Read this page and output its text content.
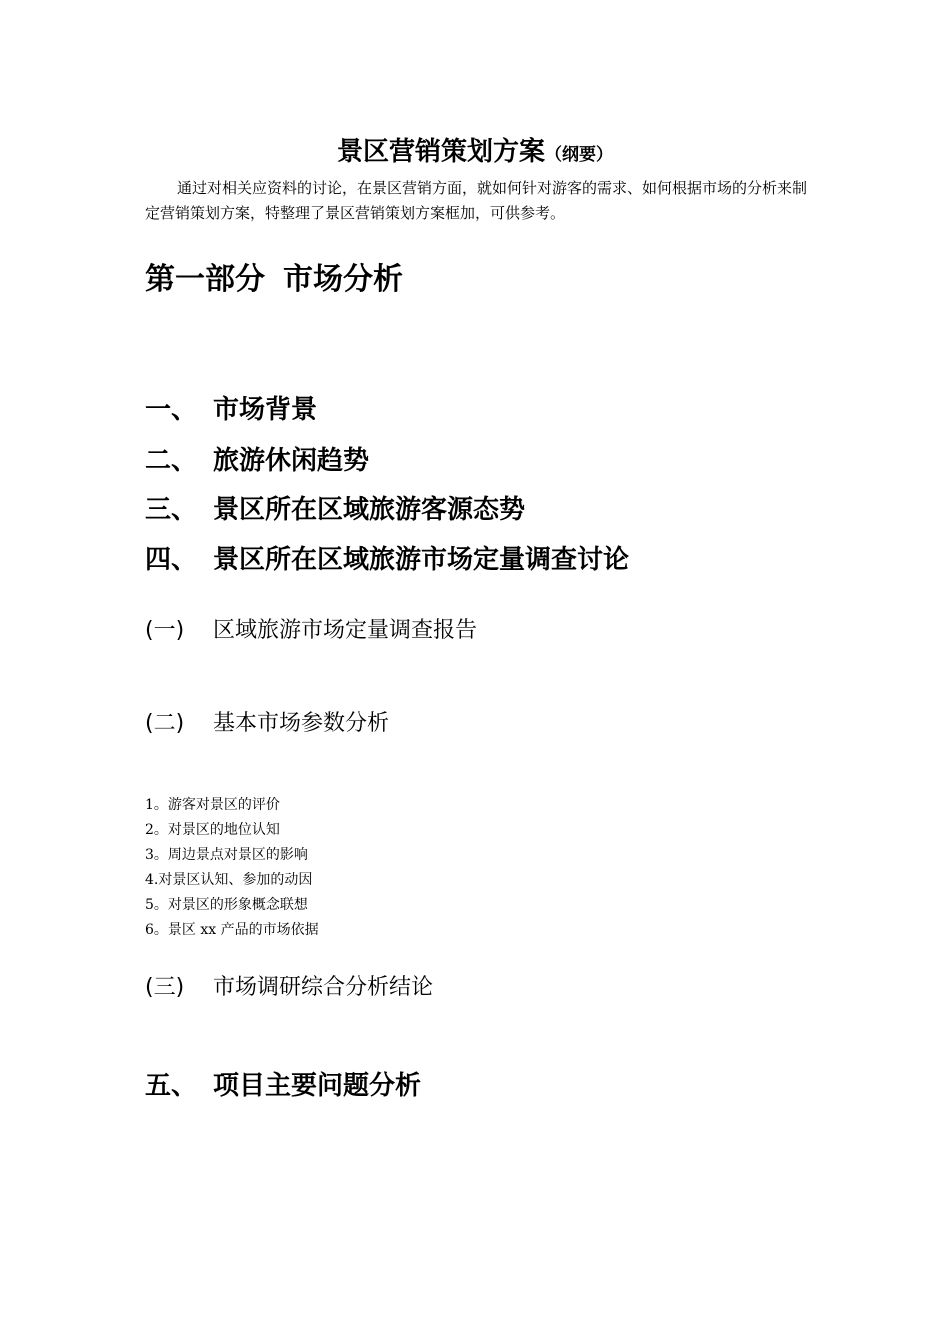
景区营销策划方案（纲要）

通过对相关应资料的讨论，在景区营销方面，就如何针对游客的需求、如何根据市场的分析来制定营销策划方案，特整理了景区营销策划方案框加，可供参考。

第一部分 市场分析
一、 市场背景
二、 旅游休闲趋势
三、 景区所在区域旅游客源态势
四、 景区所在区域旅游市场定量调查讨论
(一) 区域旅游市场定量调查报告
(二) 基本市场参数分析
1。游客对景区的评价
2。对景区的地位认知
3。周边景点对景区的影响
4.对景区认知、参加的动因
5。对景区的形象概念联想
6。景区 xx 产品的市场依据
(三) 市场调研综合分析结论
五、 项目主要问题分析
